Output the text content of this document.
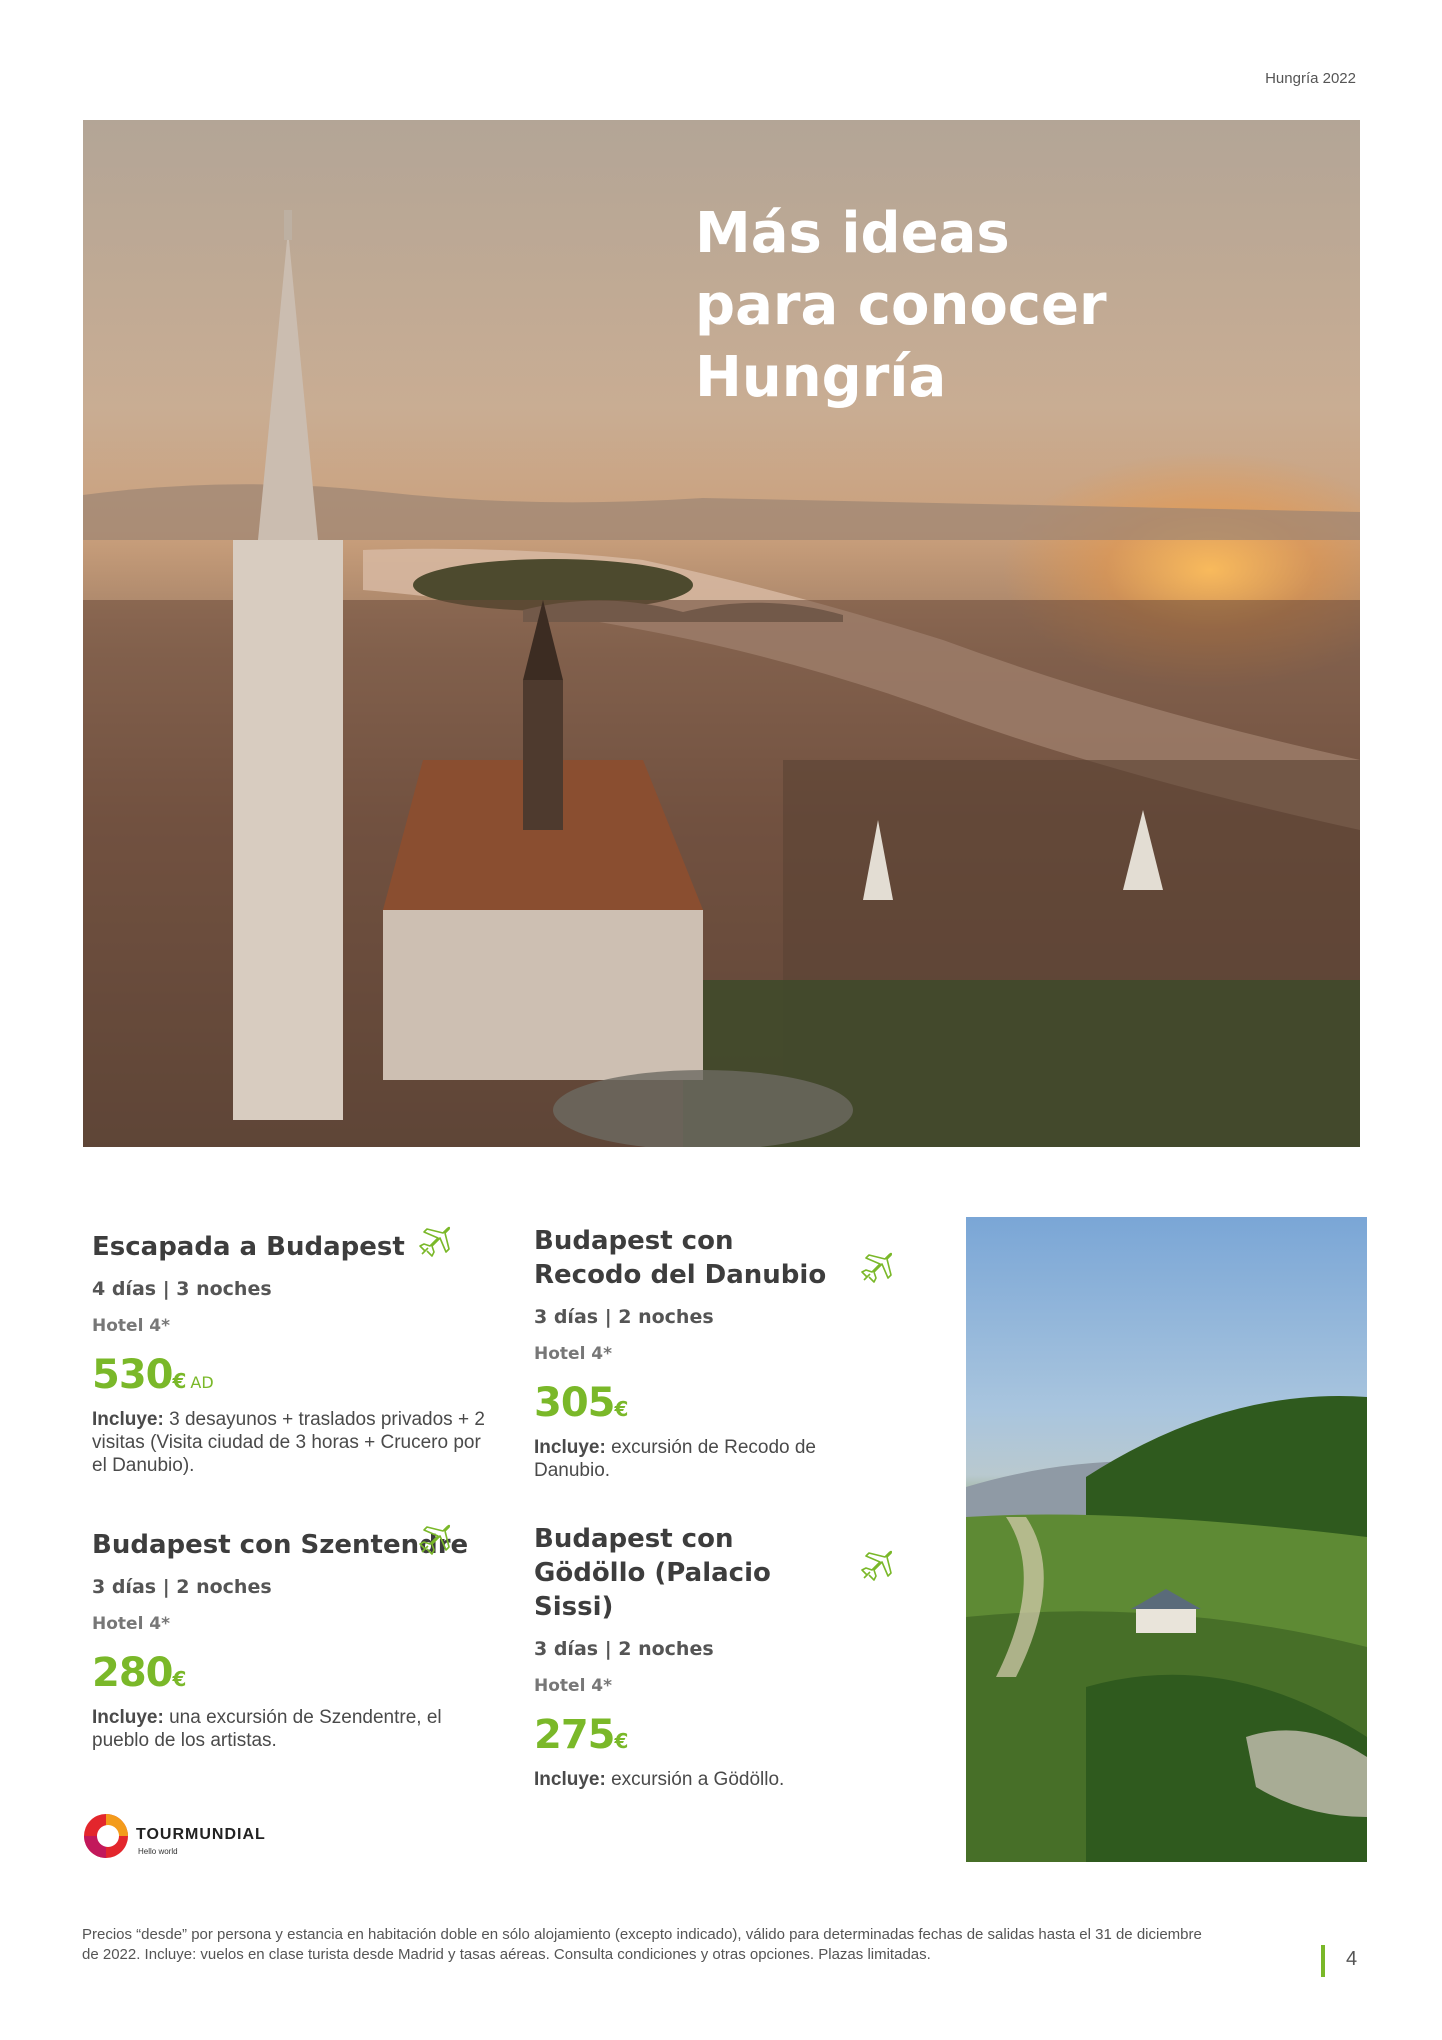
Hungría 2022
Más ideas
para conocer Hungría
Escapada a Budapest
4 días | 3 noches
Hotel 4*
530€ AD
Incluye: 3 desayunos + traslados privados + 2 visitas (Visita ciudad de 3 horas + Crucero por el Danubio).
Budapest con Szentendre
3 días | 2 noches
Hotel 4*
280€
Incluye: una excursión de Szendentre, el pueblo de los artistas.
Budapest con Recodo del Danubio
3 días | 2 noches
Hotel 4*
305€
Incluye: excursión de Recodo de Danubio.
Budapest con Gödöllo (Palacio Sissi)
3 días | 2 noches
Hotel 4*
275€
Incluye: excursión a Gödöllo.
TOURMUNDIAL
Hello world
Precios “desde” por persona y estancia en habitación doble en sólo alojamiento (excepto indicado), válido para determinadas fechas de salidas hasta el 31 de diciembre de 2022. Incluye: vuelos en clase turista desde Madrid y tasas aéreas. Consulta condiciones y otras opciones. Plazas limitadas.	4
